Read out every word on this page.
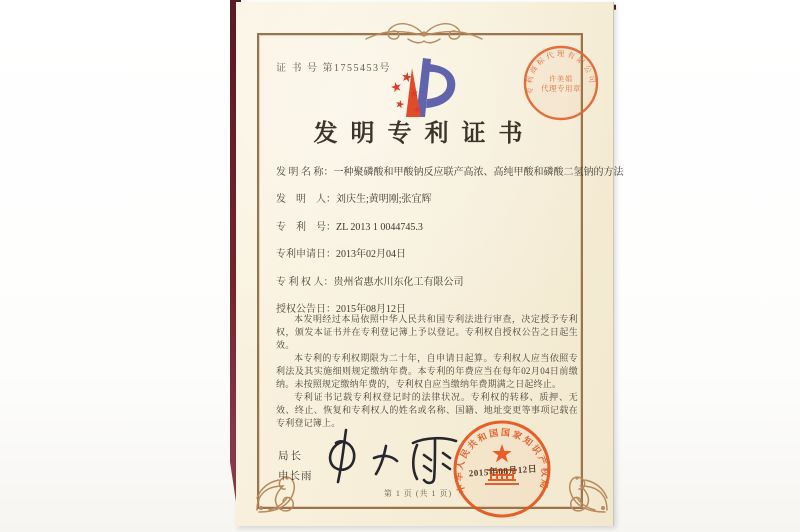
证 书 号 第1755453号
发明专利证书
专利商标代理有限公司
许美娟
代理专用章
发 明 名 称：一种聚磷酸和甲酸钠反应联产高浓、高纯甲酸和磷酸二氢钠的方法
发　明　人：刘庆生;黄明刚;张宜辉
专　利　号：ZL 2013 1 0044745.3
专利申请日：2013年02月04日
专 利 权 人：贵州省惠水川东化工有限公司
授权公告日：2015年08月12日

本发明经过本局依照中华人民共和国专利法进行审查，决定授予专利权，颁发本证书并在专利登记簿上予以登记。专利权自授权公告之日起生效。

本专利的专利权期限为二十年，自申请日起算。专利权人应当依照专利法及其实施细则规定缴纳年费。本专利的年费应当在每年02月04日前缴纳。未按照规定缴纳年费的，专利权自应当缴纳年费期满之日起终止。

专利证书记载专利权登记时的法律状况。专利权的转移、质押、无效、终止、恢复和专利权人的姓名或名称、国籍、地址变更等事项记载在专利登记簿上。

局长
申长雨
中华人民共和国国家知识产权局
2015年08月12日
第 1 页 (共 1 页)
